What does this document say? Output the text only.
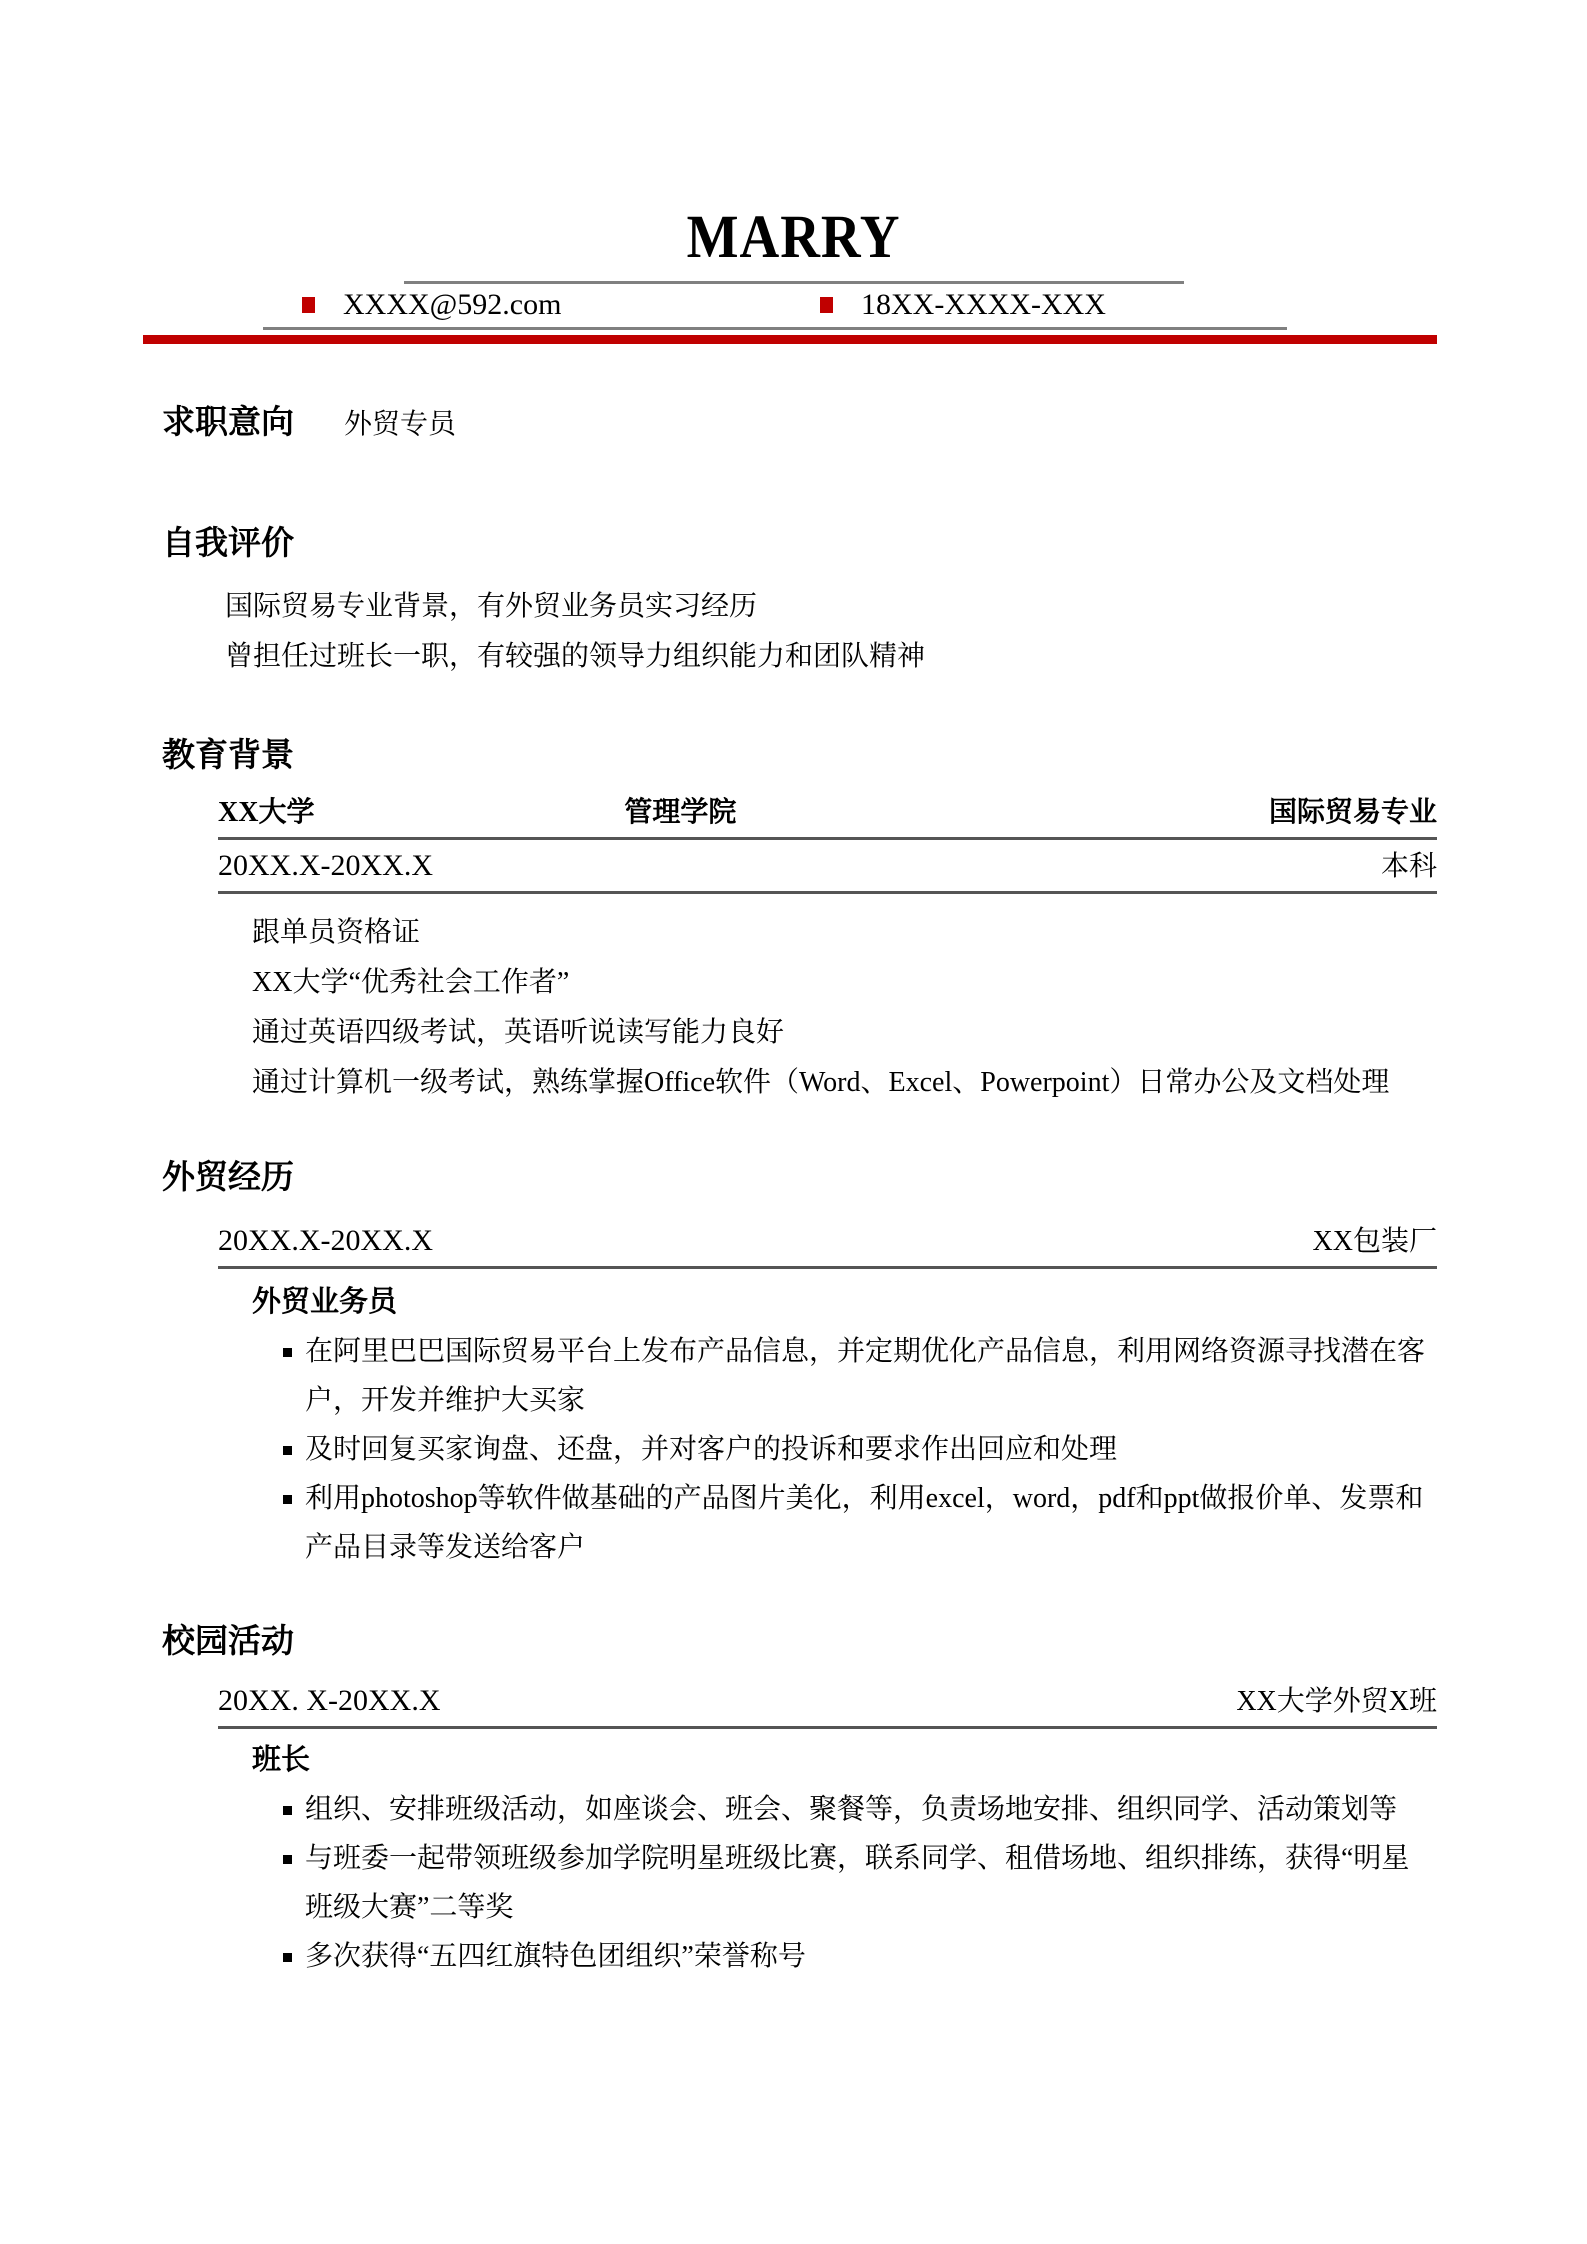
MARRY
XXXX@592.com	18XX-XXXX-XXX
求职意向 外贸专员
自我评价
国际贸易专业背景，有外贸业务员实习经历
曾担任过班长一职，有较强的领导力组织能力和团队精神
教育背景
XX大学	管理学院	国际贸易专业
20XX.X-20XX.X	本科
跟单员资格证
XX大学“优秀社会工作者”
通过英语四级考试，英语听说读写能力良好
通过计算机一级考试，熟练掌握Office软件（Word、Excel、Powerpoint）日常办公及文档处理
外贸经历
20XX.X-20XX.X	XX包装厂
外贸业务员
在阿里巴巴国际贸易平台上发布产品信息，并定期优化产品信息，利用网络资源寻找潜在客户，开发并维护大买家
及时回复买家询盘、还盘，并对客户的投诉和要求作出回应和处理
利用photoshop等软件做基础的产品图片美化，利用excel，word，pdf和ppt做报价单、发票和产品目录等发送给客户
校园活动
20XX. X-20XX.X	XX大学外贸X班
班长
组织、安排班级活动，如座谈会、班会、聚餐等，负责场地安排、组织同学、活动策划等
与班委一起带领班级参加学院明星班级比赛，联系同学、租借场地、组织排练，获得“明星班级大赛”二等奖
多次获得“五四红旗特色团组织”荣誉称号
